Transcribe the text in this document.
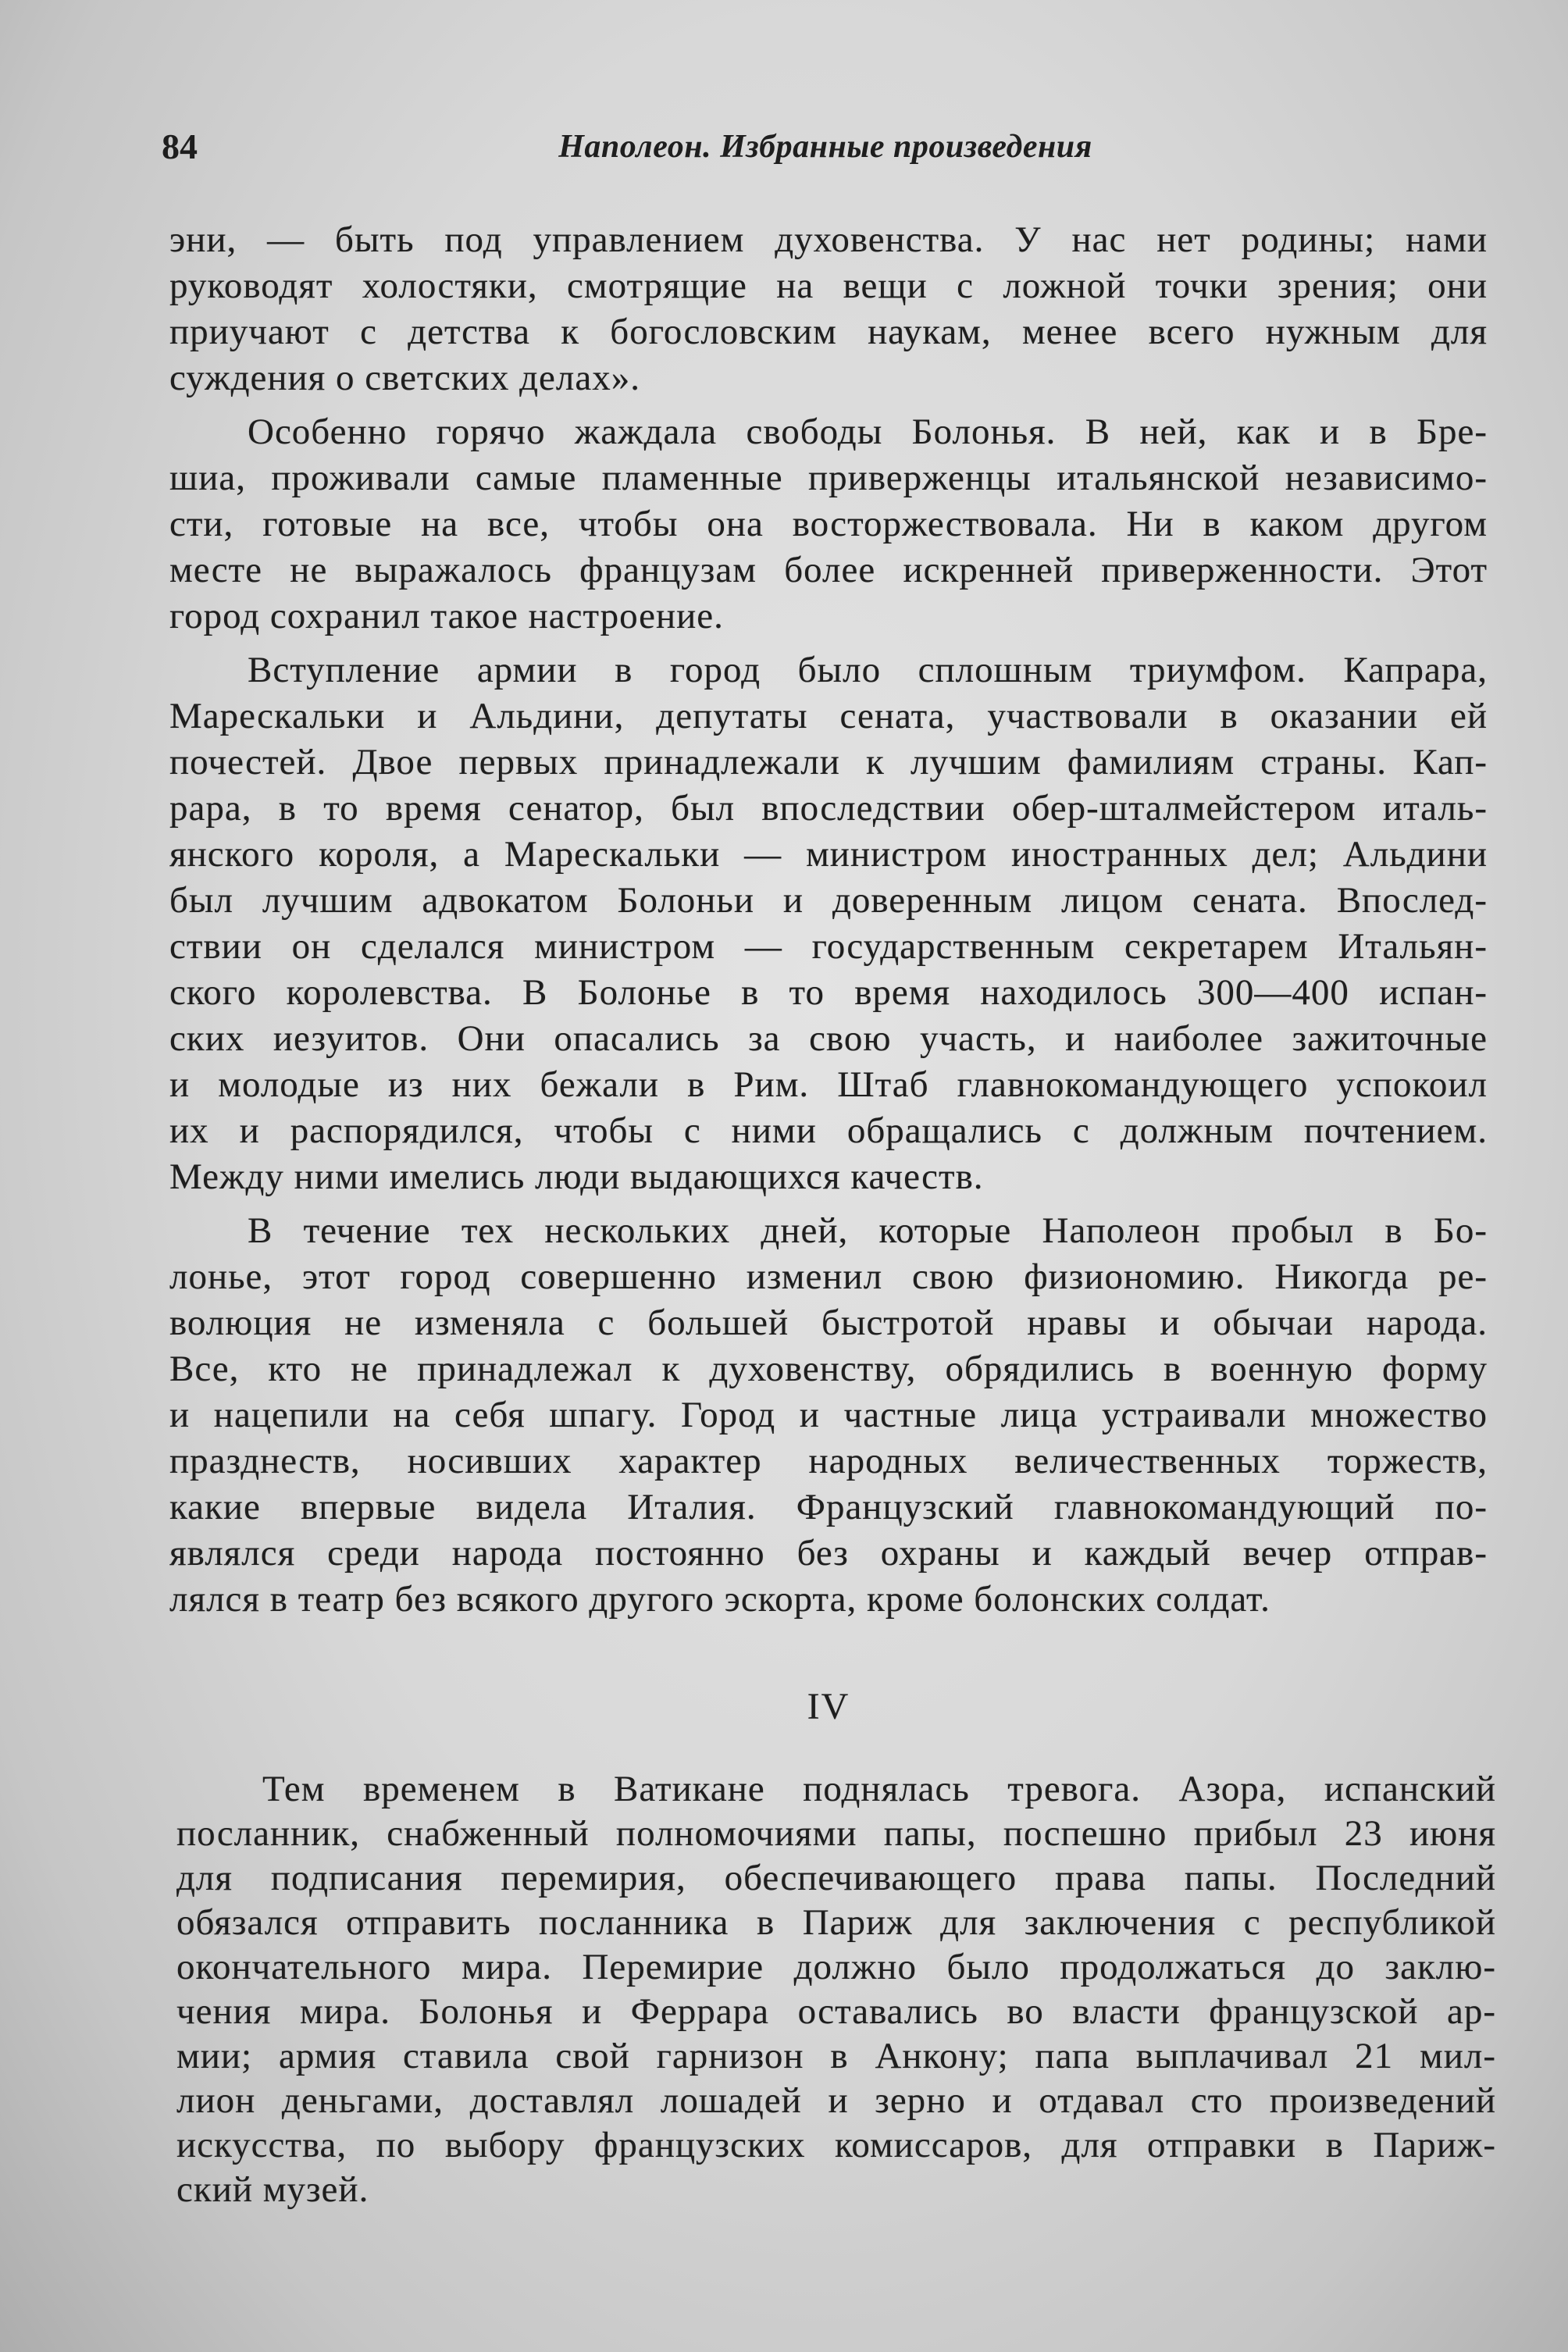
84	Наполеон. Избранные произведения
эни, — быть под управлением духовенства. У нас нет родины; нами
руководят холостяки, смотрящие на вещи с ложной точки зрения; они
приучают с детства к богословским наукам, менее всего нужным для
суждения о светских делах».
Особенно горячо жаждала свободы Болонья. В ней, как и в Бре-
шиа, проживали самые пламенные приверженцы итальянской независимо-
сти, готовые на все, чтобы она восторжествовала. Ни в каком другом
месте не выражалось французам более искренней приверженности. Этот
город сохранил такое настроение.
Вступление армии в город было сплошным триумфом. Капрара,
Марескальки и Альдини, депутаты сената, участвовали в оказании ей
почестей. Двое первых принадлежали к лучшим фамилиям страны. Кап-
рара, в то время сенатор, был впоследствии обер-шталмейстером италь-
янского короля, а Марескальки — министром иностранных дел; Альдини
был лучшим адвокатом Болоньи и доверенным лицом сената. Впослед-
ствии он сделался министром — государственным секретарем Итальян-
ского королевства. В Болонье в то время находилось 300—400 испан-
ских иезуитов. Они опасались за свою участь, и наиболее зажиточные
и молодые из них бежали в Рим. Штаб главнокомандующего успокоил
их и распорядился, чтобы с ними обращались с должным почтением.
Между ними имелись люди выдающихся качеств.
В течение тех нескольких дней, которые Наполеон пробыл в Бо-
лонье, этот город совершенно изменил свою физиономию. Никогда ре-
волюция не изменяла с большей быстротой нравы и обычаи народа.
Все, кто не принадлежал к духовенству, обрядились в военную форму
и нацепили на себя шпагу. Город и частные лица устраивали множество
празднеств, носивших характер народных величественных торжеств,
какие впервые видела Италия. Французский главнокомандующий по-
являлся среди народа постоянно без охраны и каждый вечер отправ-
лялся в театр без всякого другого эскорта, кроме болонских солдат.
IV
Тем временем в Ватикане поднялась тревога. Азора, испанский
посланник, снабженный полномочиями папы, поспешно прибыл 23 июня
для подписания перемирия, обеспечивающего права папы. Последний
обязался отправить посланника в Париж для заключения с республикой
окончательного мира. Перемирие должно было продолжаться до заклю-
чения мира. Болонья и Феррара оставались во власти французской ар-
мии; армия ставила свой гарнизон в Анкону; папа выплачивал 21 мил-
лион деньгами, доставлял лошадей и зерно и отдавал сто произведений
искусства, по выбору французских комиссаров, для отправки в Париж-
ский музей.
